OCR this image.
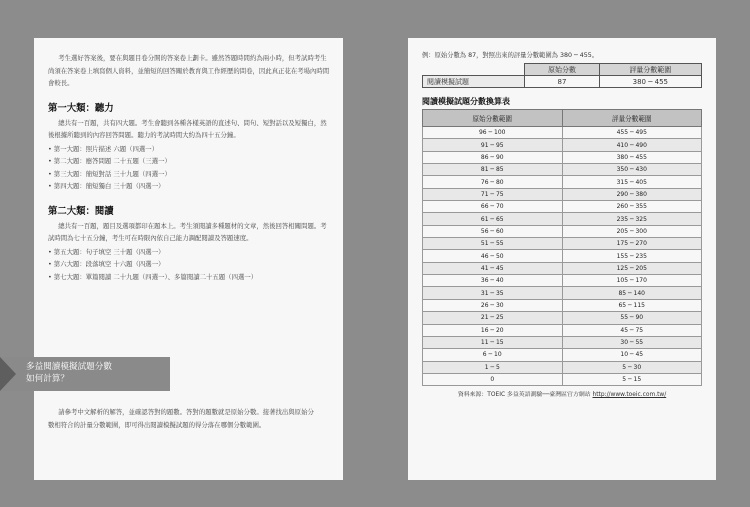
考生選好答案後，要在與題目卷分開的答案卷上劃卡。雖然答題時間約為兩小時，但考試時考生尚須在答案卷上填寫個人資料，並簡短的回答關於教育與工作經歷的問卷，因此真正花在考場內時間會較長。

第一大類：聽力

總共有一百題，共有四大題。考生會聽到各種各樣英語的直述句、問句、短對話以及短獨白，然後根據所聽到的內容回答問題。聽力的考試時間大約為四十五分鐘。

• 第一大題：照片描述 六題（四選一）
• 第二大題：應答問題 二十五題（三選一）
• 第三大題：簡短對話 三十九題（四選一）
• 第四大題：簡短獨白 三十題（四選一）
第二大類：閱讀

總共有一百題，題目及選項都印在題本上。考生須閱讀多種題材的文章，然後回答相關問題。考試時間為七十五分鐘，考生可在時限內依自己能力調配閱讀及答題速度。

• 第五大題：句子填空 三十題（四選一）
• 第六大題：段落填空 十六題（四選一）
• 第七大題：單篇閱讀 二十九題（四選一）、多篇閱讀二十五題（四選一）
多益閱讀模擬試題分數
如何計算？

請參考中文解析的解答，並確認答對的題數。答對的題數就是原始分數。接著找出與原始分數相符合的計量分數範圍，即可得出閱讀模擬試題的得分落在哪個分數範圍。

例：原始分數為 87，對照出來的評量分數範圍為 380 ─ 455。

	原始分數	評量分數範圍
閱讀模擬試題	87	380 ─ 455
閱讀模擬試題分數換算表
原始分數範圍	評量分數範圍
96 ─ 100	455 ─ 495
91 ─ 95	410 ─ 490
86 ─ 90	380 ─ 455
81 ─ 85	350 ─ 430
76 ─ 80	315 ─ 405
71 ─ 75	290 ─ 380
66 ─ 70	260 ─ 355
61 ─ 65	235 ─ 325
56 ─ 60	205 ─ 300
51 ─ 55	175 ─ 270
46 ─ 50	155 ─ 235
41 ─ 45	125 ─ 205
36 ─ 40	105 ─ 170
31 ─ 35	85 ─ 140
26 ─ 30	65 ─ 115
21 ─ 25	55 ─ 90
16 ─ 20	45 ─ 75
11 ─ 15	30 ─ 55
6 ─ 10	10 ─ 45
1 ─ 5	5 ─ 30
0	5 ─ 15
資料來源：TOEIC 多益英語測驗──臺灣區官方網站 http://www.toeic.com.tw/
